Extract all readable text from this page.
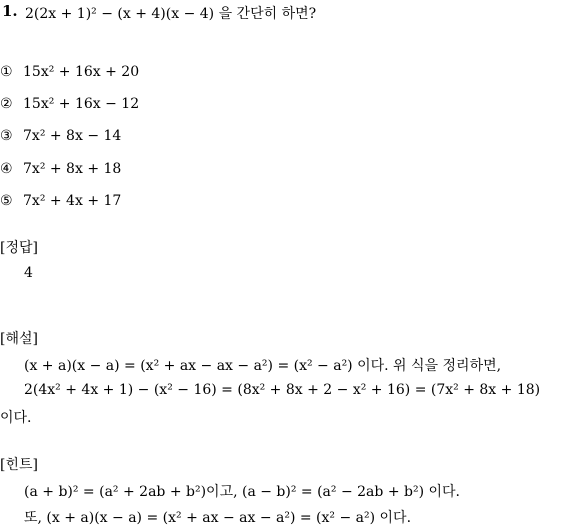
1. 2(2x + 1)² − (x + 4)(x − 4) 을 간단히 하면?
① 15x² + 16x + 20
② 15x² + 16x − 12
③ 7x² + 8x − 14
④ 7x² + 8x + 18
⑤ 7x² + 4x + 17
[정답]
4
[해설]
(x + a)(x − a) = (x² + ax − ax − a²) = (x² − a²) 이다. 위 식을 정리하면,
2(4x² + 4x + 1) − (x² − 16) = (8x² + 8x + 2 − x² + 16) = (7x² + 8x + 18)
이다.
[힌트]
(a + b)² = (a² + 2ab + b²)이고, (a − b)² = (a² − 2ab + b²) 이다.
또, (x + a)(x − a) = (x² + ax − ax − a²) = (x² − a²) 이다.
